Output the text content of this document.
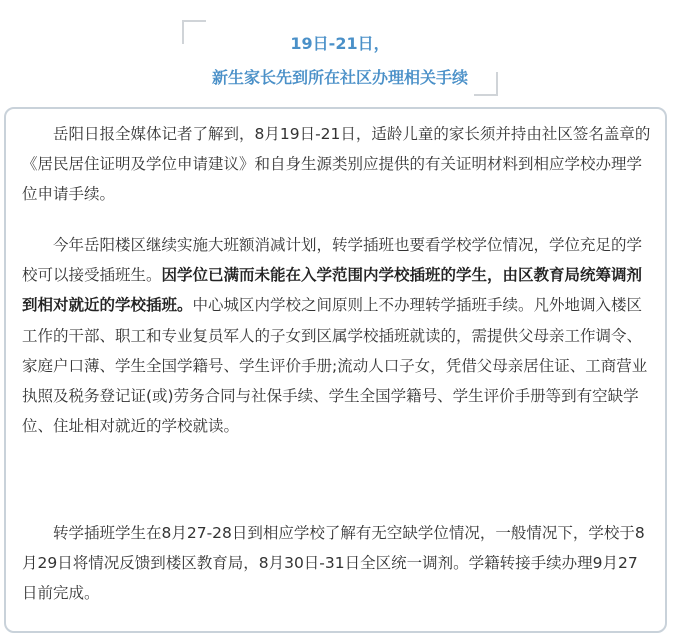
19日-21日，
新生家长先到所在社区办理相关手续

岳阳日报全媒体记者了解到，8月19日-21日，适龄儿童的家长须并持由社区签名盖章的《居民居住证明及学位申请建议》和自身生源类别应提供的有关证明材料到相应学校办理学位申请手续。

今年岳阳楼区继续实施大班额消减计划，转学插班也要看学校学位情况，学位充足的学校可以接受插班生。因学位已满而未能在入学范围内学校插班的学生，由区教育局统筹调剂到相对就近的学校插班。中心城区内学校之间原则上不办理转学插班手续。凡外地调入楼区工作的干部、职工和专业复员军人的子女到区属学校插班就读的，需提供父母亲工作调令、家庭户口薄、学生全国学籍号、学生评价手册;流动人口子女，凭借父母亲居住证、工商营业执照及税务登记证(或)劳务合同与社保手续、学生全国学籍号、学生评价手册等到有空缺学位、住址相对就近的学校就读。

转学插班学生在8月27-28日到相应学校了解有无空缺学位情况，一般情况下，学校于8月29日将情况反馈到楼区教育局，8月30日-31日全区统一调剂。学籍转接手续办理9月27日前完成。
